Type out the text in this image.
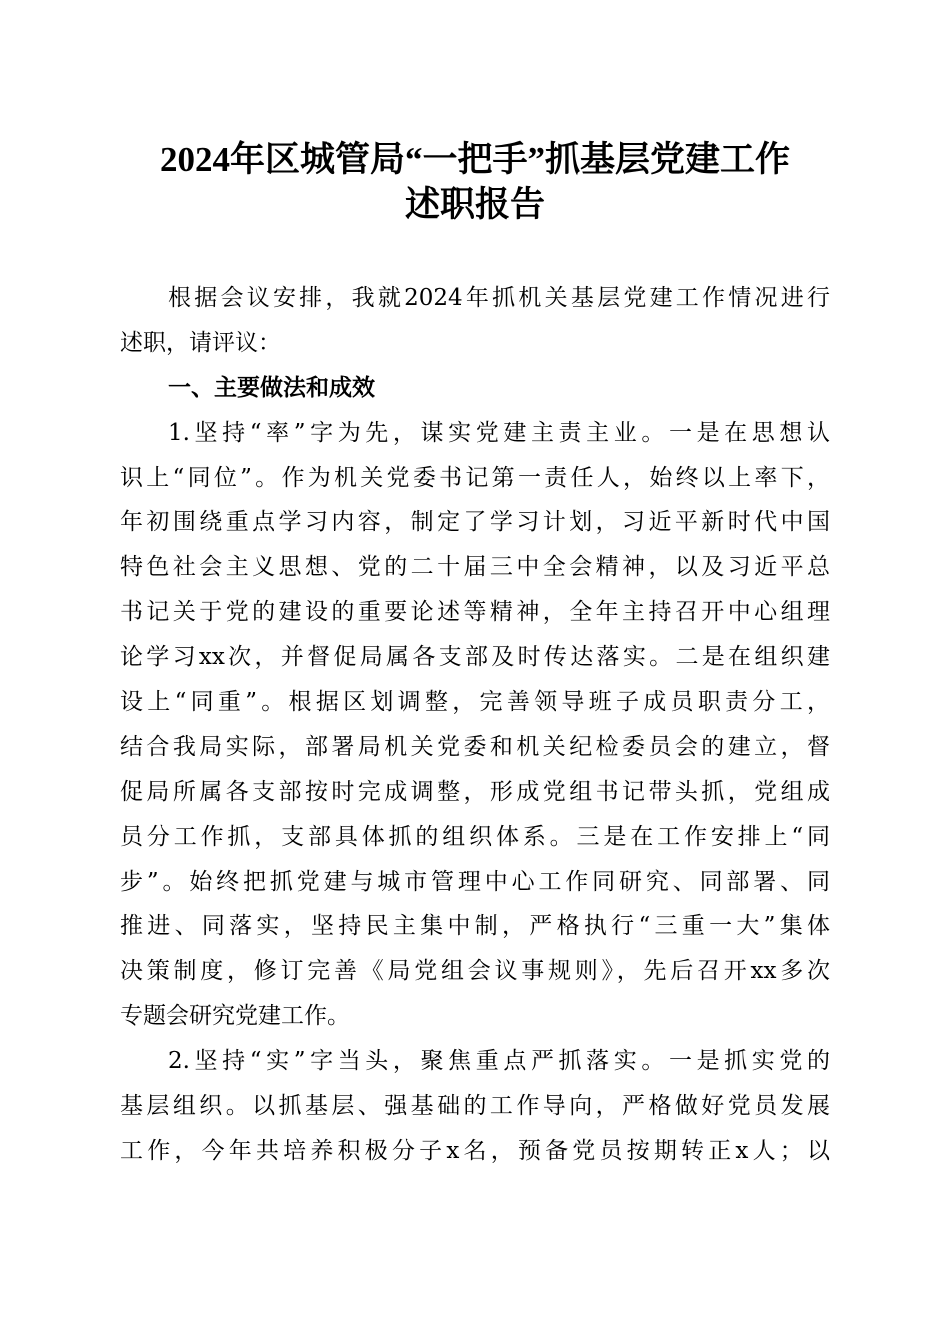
2024年区城管局“一把手”抓基层党建工作
述职报告
根据会议安排，我就2024年抓机关基层党建工作情况进行
述职，请评议：
一、主要做法和成效
1.坚持“率”字为先，谋实党建主责主业。一是在思想认
识上“同位”。作为机关党委书记第一责任人，始终以上率下，
年初围绕重点学习内容，制定了学习计划，习近平新时代中国
特色社会主义思想、党的二十届三中全会精神，以及习近平总
书记关于党的建设的重要论述等精神，全年主持召开中心组理
论学习xx次，并督促局属各支部及时传达落实。二是在组织建
设上“同重”。根据区划调整，完善领导班子成员职责分工，
结合我局实际，部署局机关党委和机关纪检委员会的建立，督
促局所属各支部按时完成调整，形成党组书记带头抓，党组成
员分工作抓，支部具体抓的组织体系。三是在工作安排上“同
步”。始终把抓党建与城市管理中心工作同研究、同部署、同
推进、同落实，坚持民主集中制，严格执行“三重一大”集体
决策制度，修订完善《局党组会议事规则》，先后召开xx多次
专题会研究党建工作。
2.坚持“实”字当头，聚焦重点严抓落实。一是抓实党的
基层组织。以抓基层、强基础的工作导向，严格做好党员发展
工作，今年共培养积极分子x名，预备党员按期转正x人；以
